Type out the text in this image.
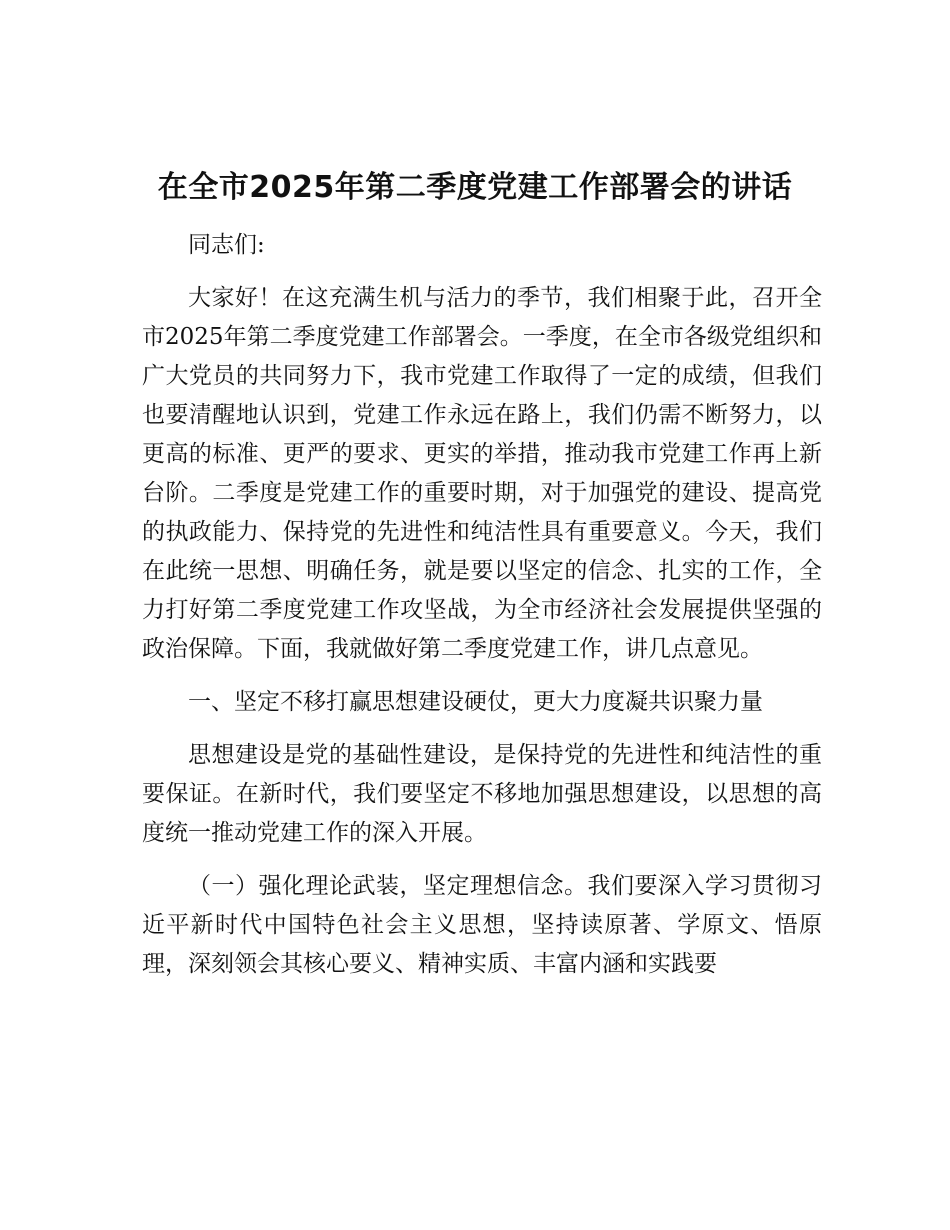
在全市2025年第二季度党建工作部署会的讲话

同志们:

大家好！在这充满生机与活力的季节，我们相聚于此，召开全市2025年第二季度党建工作部署会。一季度，在全市各级党组织和广大党员的共同努力下，我市党建工作取得了一定的成绩，但我们也要清醒地认识到，党建工作永远在路上，我们仍需不断努力，以更高的标准、更严的要求、更实的举措，推动我市党建工作再上新台阶。二季度是党建工作的重要时期，对于加强党的建设、提高党的执政能力、保持党的先进性和纯洁性具有重要意义。今天，我们在此统一思想、明确任务，就是要以坚定的信念、扎实的工作，全力打好第二季度党建工作攻坚战，为全市经济社会发展提供坚强的政治保障。下面，我就做好第二季度党建工作，讲几点意见。

一、坚定不移打赢思想建设硬仗，更大力度凝共识聚力量

思想建设是党的基础性建设，是保持党的先进性和纯洁性的重要保证。在新时代，我们要坚定不移地加强思想建设，以思想的高度统一推动党建工作的深入开展。

（一）强化理论武装，坚定理想信念。我们要深入学习贯彻习近平新时代中国特色社会主义思想，坚持读原著、学原文、悟原理，深刻领会其核心要义、精神实质、丰富内涵和实践要
